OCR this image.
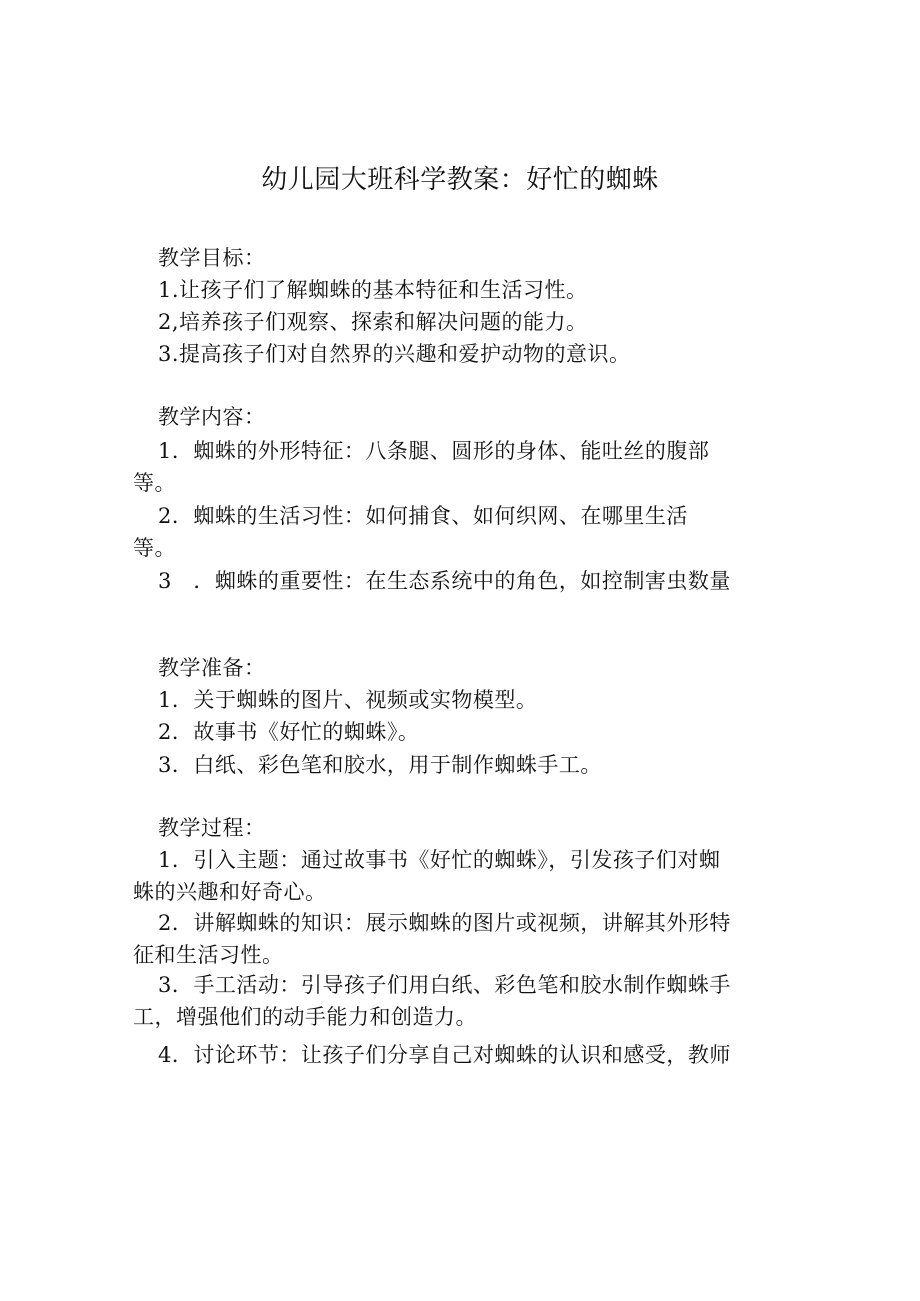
幼儿园大班科学教案：好忙的蜘蛛
教学目标：
1.让孩子们了解蜘蛛的基本特征和生活习性。
2,培养孩子们观察、探索和解决问题的能力。
3.提高孩子们对自然界的兴趣和爱护动物的意识。
教学内容：
1．蜘蛛的外形特征：八条腿、圆形的身体、能吐丝的腹部
等。
2．蜘蛛的生活习性：如何捕食、如何织网、在哪里生活
等。
3　．蜘蛛的重要性：在生态系统中的角色，如控制害虫数量
教学准备：
1．关于蜘蛛的图片、视频或实物模型。
2．故事书《好忙的蜘蛛》。
3．白纸、彩色笔和胶水，用于制作蜘蛛手工。
教学过程：
1．引入主题：通过故事书《好忙的蜘蛛》，引发孩子们对蜘
蛛的兴趣和好奇心。
2．讲解蜘蛛的知识：展示蜘蛛的图片或视频，讲解其外形特
征和生活习性。
3．手工活动：引导孩子们用白纸、彩色笔和胶水制作蜘蛛手
工，增强他们的动手能力和创造力。
4．讨论环节：让孩子们分享自己对蜘蛛的认识和感受，教师
